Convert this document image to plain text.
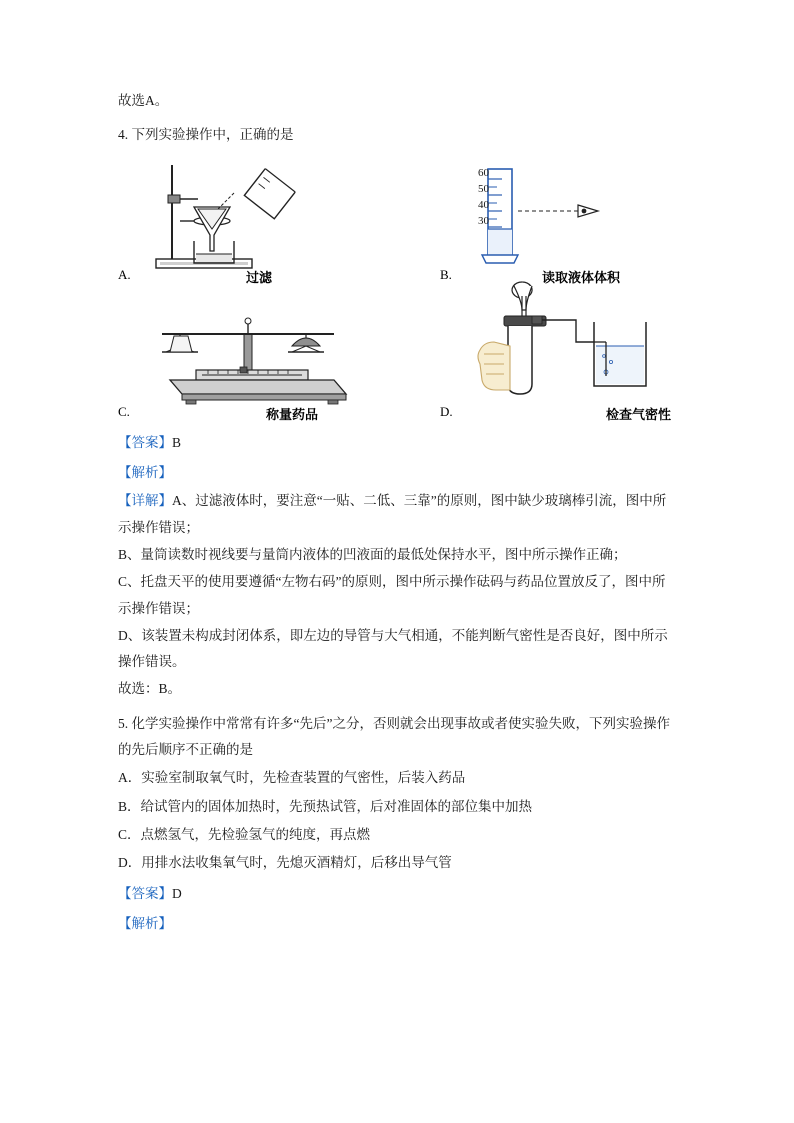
故选A。
4. 下列实验操作中，正确的是
A.	过滤
60
50
40
30
B.	读取液体体积
C.	称量药品	D.	检查气密性
【答案】B
【解析】
【详解】A、过滤液体时，要注意“一贴、二低、三靠”的原则，图中缺少玻璃棒引流，图中所示操作错误；
B、量筒读数时视线要与量筒内液体的凹液面的最低处保持水平，图中所示操作正确；
C、托盘天平的使用要遵循“左物右码”的原则，图中所示操作砝码与药品位置放反了，图中所示操作错误；
D、该装置未构成封闭体系，即左边的导管与大气相通，不能判断气密性是否良好，图中所示操作错误。
故选：B。
5. 化学实验操作中常常有许多“先后”之分，否则就会出现事故或者使实验失败，下列实验操作的先后顺序不正确的是
A．实验室制取氧气时，先检查装置的气密性，后装入药品
B．给试管内的固体加热时，先预热试管，后对准固体的部位集中加热
C．点燃氢气，先检验氢气的纯度，再点燃
D．用排水法收集氧气时，先熄灭酒精灯，后移出导气管
【答案】D
【解析】
